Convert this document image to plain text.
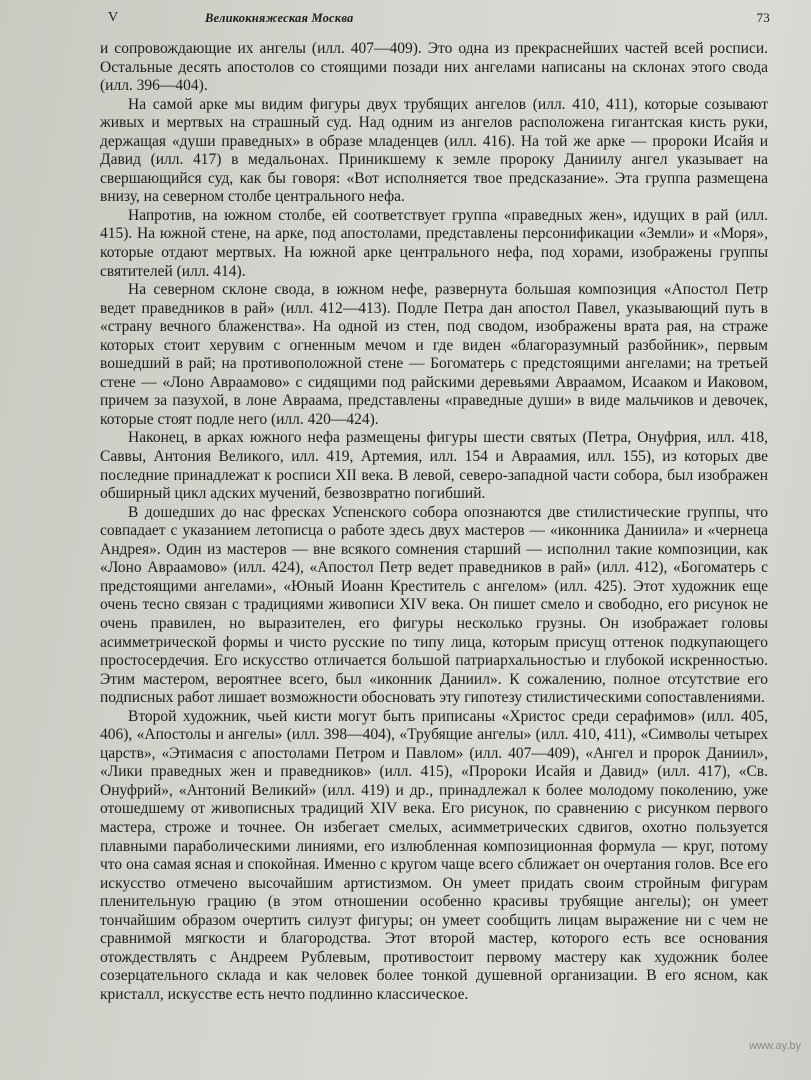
V	Великокняжеская Москва	73

и сопровождающие их ангелы (илл. 407—409). Это одна из прекраснейших частей всей росписи. Остальные десять апостолов со стоящими позади них ангелами написаны на склонах этого свода (илл. 396—404).

На самой арке мы видим фигуры двух трубящих ангелов (илл. 410, 411), которые созывают живых и мертвых на страшный суд. Над одним из ангелов расположена гигантская кисть руки, держащая «души праведных» в образе младенцев (илл. 416). На той же арке — пророки Исайя и Давид (илл. 417) в медальонах. Приникшему к земле пророку Даниилу ангел указывает на свершающийся суд, как бы говоря: «Вот исполняется твое предсказание». Эта группа размещена внизу, на северном столбе центрального нефа.

Напротив, на южном столбе, ей соответствует группа «праведных жен», идущих в рай (илл. 415). На южной стене, на арке, под апостолами, представлены персонификации «Земли» и «Моря», которые отдают мертвых. На южной арке центрального нефа, под хорами, изображены группы святителей (илл. 414).

На северном склоне свода, в южном нефе, развернута большая композиция «Апостол Петр ведет праведников в рай» (илл. 412—413). Подле Петра дан апостол Павел, указывающий путь в «страну вечного блаженства». На одной из стен, под сводом, изображены врата рая, на страже которых стоит херувим с огненным мечом и где виден «благоразумный разбойник», первым вошедший в рай; на противоположной стене — Богоматерь с предстоящими ангелами; на третьей стене — «Лоно Авраамово» с сидящими под райскими деревьями Авраамом, Исааком и Иаковом, причем за пазухой, в лоне Авраама, представлены «праведные души» в виде мальчиков и девочек, которые стоят подле него (илл. 420—424).

Наконец, в арках южного нефа размещены фигуры шести святых (Петра, Онуфрия, илл. 418, Саввы, Антония Великого, илл. 419, Артемия, илл. 154 и Авраамия, илл. 155), из которых две последние принадлежат к росписи XII века. В левой, северо-западной части собора, был изображен обширный цикл адских мучений, безвозвратно погибший.

В дошедших до нас фресках Успенского собора опознаются две стилистические группы, что совпадает с указанием летописца о работе здесь двух мастеров — «иконника Даниила» и «чернеца Андрея». Один из мастеров — вне всякого сомнения старший — исполнил такие композиции, как «Лоно Авраамово» (илл. 424), «Апостол Петр ведет праведников в рай» (илл. 412), «Богоматерь с предстоящими ангелами», «Юный Иоанн Креститель с ангелом» (илл. 425). Этот художник еще очень тесно связан с традициями живописи XIV века. Он пишет смело и свободно, его рисунок не очень правилен, но выразителен, его фигуры несколько грузны. Он изображает головы асимметрической формы и чисто русские по типу лица, которым присущ оттенок подкупающего простосердечия. Его искусство отличается большой патриархальностью и глубокой искренностью. Этим мастером, вероятнее всего, был «иконник Даниил». К сожалению, полное отсутствие его подписных работ лишает возможности обосновать эту гипотезу стилистическими сопоставлениями.

Второй художник, чьей кисти могут быть приписаны «Христос среди серафимов» (илл. 405, 406), «Апостолы и ангелы» (илл. 398—404), «Трубящие ангелы» (илл. 410, 411), «Символы четырех царств», «Этимасия с апостолами Петром и Павлом» (илл. 407—409), «Ангел и пророк Даниил», «Лики праведных жен и праведников» (илл. 415), «Пророки Исайя и Давид» (илл. 417), «Св. Онуфрий», «Антоний Великий» (илл. 419) и др., принадлежал к более молодому поколению, уже отошедшему от живописных традиций XIV века. Его рисунок, по сравнению с рисунком первого мастера, строже и точнее. Он избегает смелых, асимметрических сдвигов, охотно пользуется плавными параболическими линиями, его излюбленная композиционная формула — круг, потому что она самая ясная и спокойная. Именно с кругом чаще всего сближает он очертания голов. Все его искусство отмечено высочайшим артистизмом. Он умеет придать своим стройным фигурам пленительную грацию (в этом отношении особенно красивы трубящие ангелы); он умеет тончайшим образом очертить силуэт фигуры; он умеет сообщить лицам выражение ни с чем не сравнимой мягкости и благородства. Этот второй мастер, которого есть все основания отождествлять с Андреем Рублевым, противостоит первому мастеру как художник более созерцательного склада и как человек более тонкой душевной организации. В его ясном, как кристалл, искусстве есть нечто подлинно классическое.

www.ay.by
